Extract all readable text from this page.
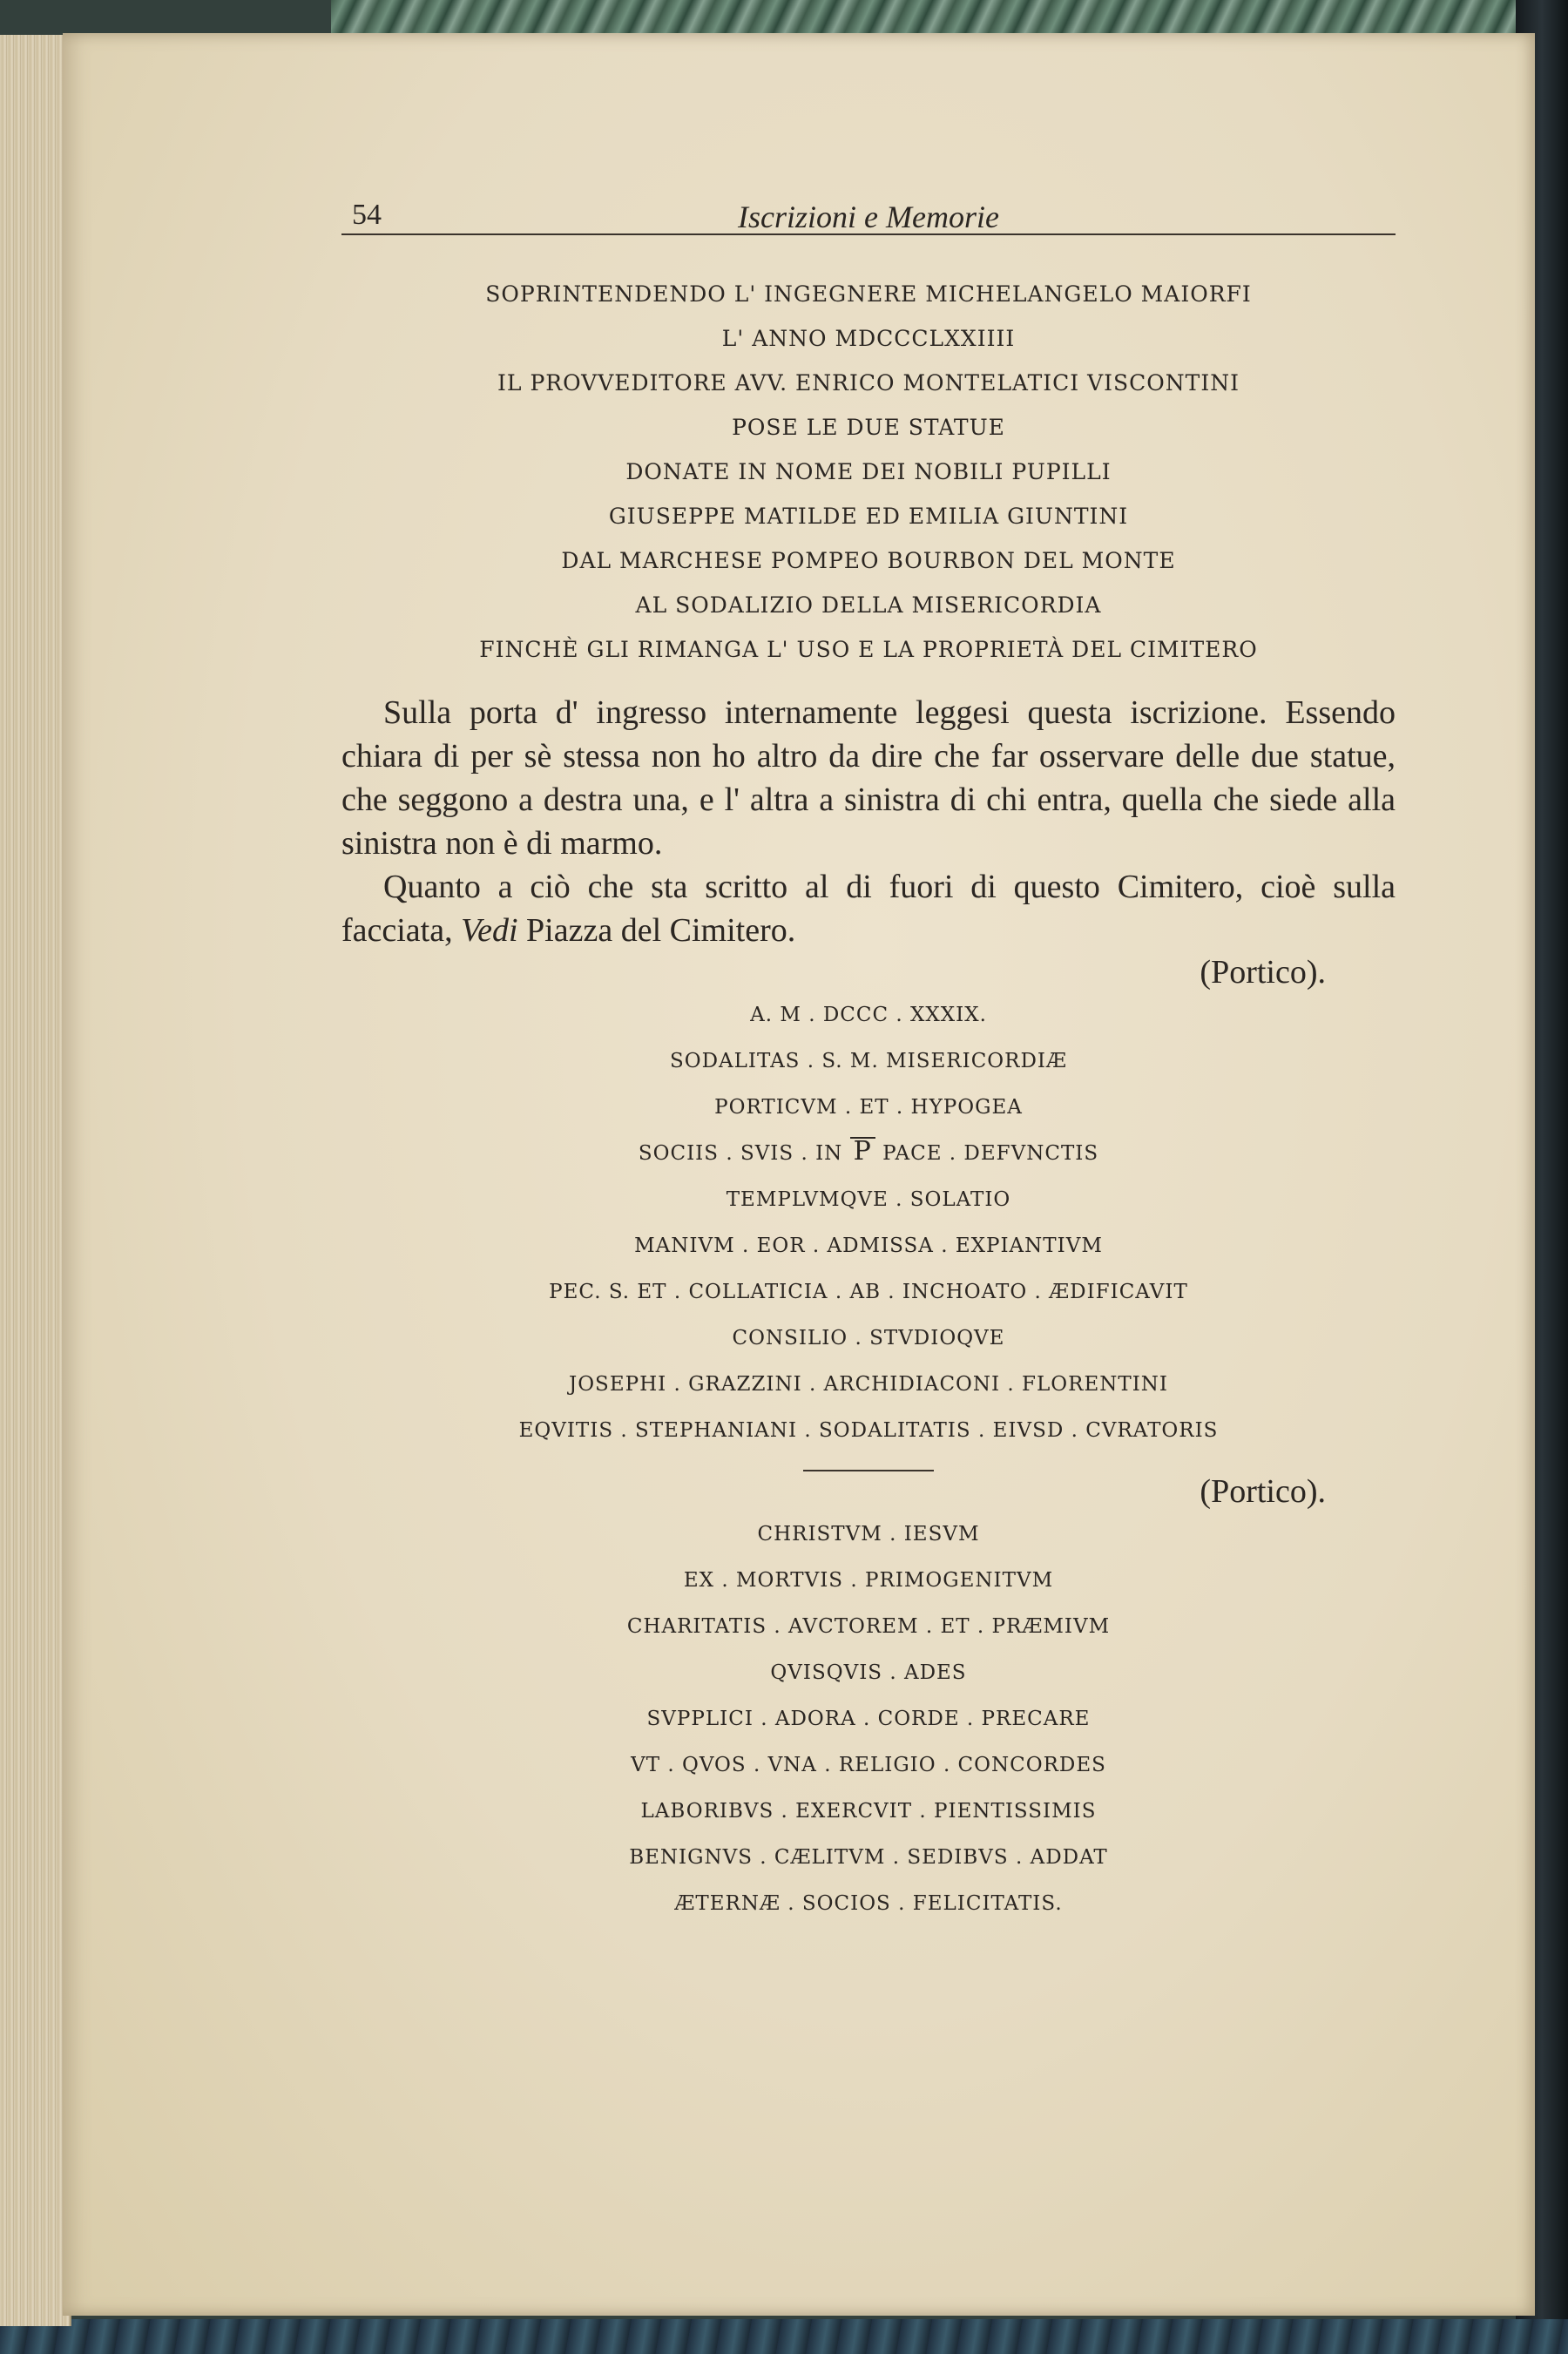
54	Iscrizioni e Memorie
SOPRINTENDENDO L' INGEGNERE MICHELANGELO MAIORFI
L' ANNO MDCCCLXXIIII
IL PROVVEDITORE AVV. ENRICO MONTELATICI VISCONTINI
POSE LE DUE STATUE
DONATE IN NOME DEI NOBILI PUPILLI
GIUSEPPE MATILDE ED EMILIA GIUNTINI
DAL MARCHESE POMPEO BOURBON DEL MONTE
AL SODALIZIO DELLA MISERICORDIA
FINCHÈ GLI RIMANGA L' USO E LA PROPRIETÀ DEL CIMITERO

Sulla porta d' ingresso internamente leggesi questa iscrizione. Essendo chiara di per sè stessa non ho altro da dire che far osservare delle due statue, che seggono a destra una, e l' altra a sinistra di chi entra, quella che siede alla sinistra non è di marmo.

Quanto a ciò che sta scritto al di fuori di questo Cimitero, cioè sulla facciata, Vedi Piazza del Cimitero.

(Portico).
A. M . DCCC . XXXIX.
SODALITAS . S. M. MISERICORDIÆ
PORTICVM . ET . HYPOGEA
SOCIIS . SVIS . IN P PACE . DEFVNCTIS
TEMPLVMQVE . SOLATIO
MANIVM . EOR . ADMISSA . EXPIANTIVM
PEC. S. ET . COLLATICIA . AB . INCHOATO . ÆDIFICAVIT
CONSILIO . STVDIOQVE
JOSEPHI . GRAZZINI . ARCHIDIACONI . FLORENTINI
EQVITIS . STEPHANIANI . SODALITATIS . EIVSD . CVRATORIS
(Portico).
CHRISTVM . IESVM
EX . MORTVIS . PRIMOGENITVM
CHARITATIS . AVCTOREM . ET . PRÆMIVM
QVISQVIS . ADES
SVPPLICI . ADORA . CORDE . PRECARE
VT . QVOS . VNA . RELIGIO . CONCORDES
LABORIBVS . EXERCVIT . PIENTISSIMIS
BENIGNVS . CÆLITVM . SEDIBVS . ADDAT
ÆTERNÆ . SOCIOS . FELICITATIS.
